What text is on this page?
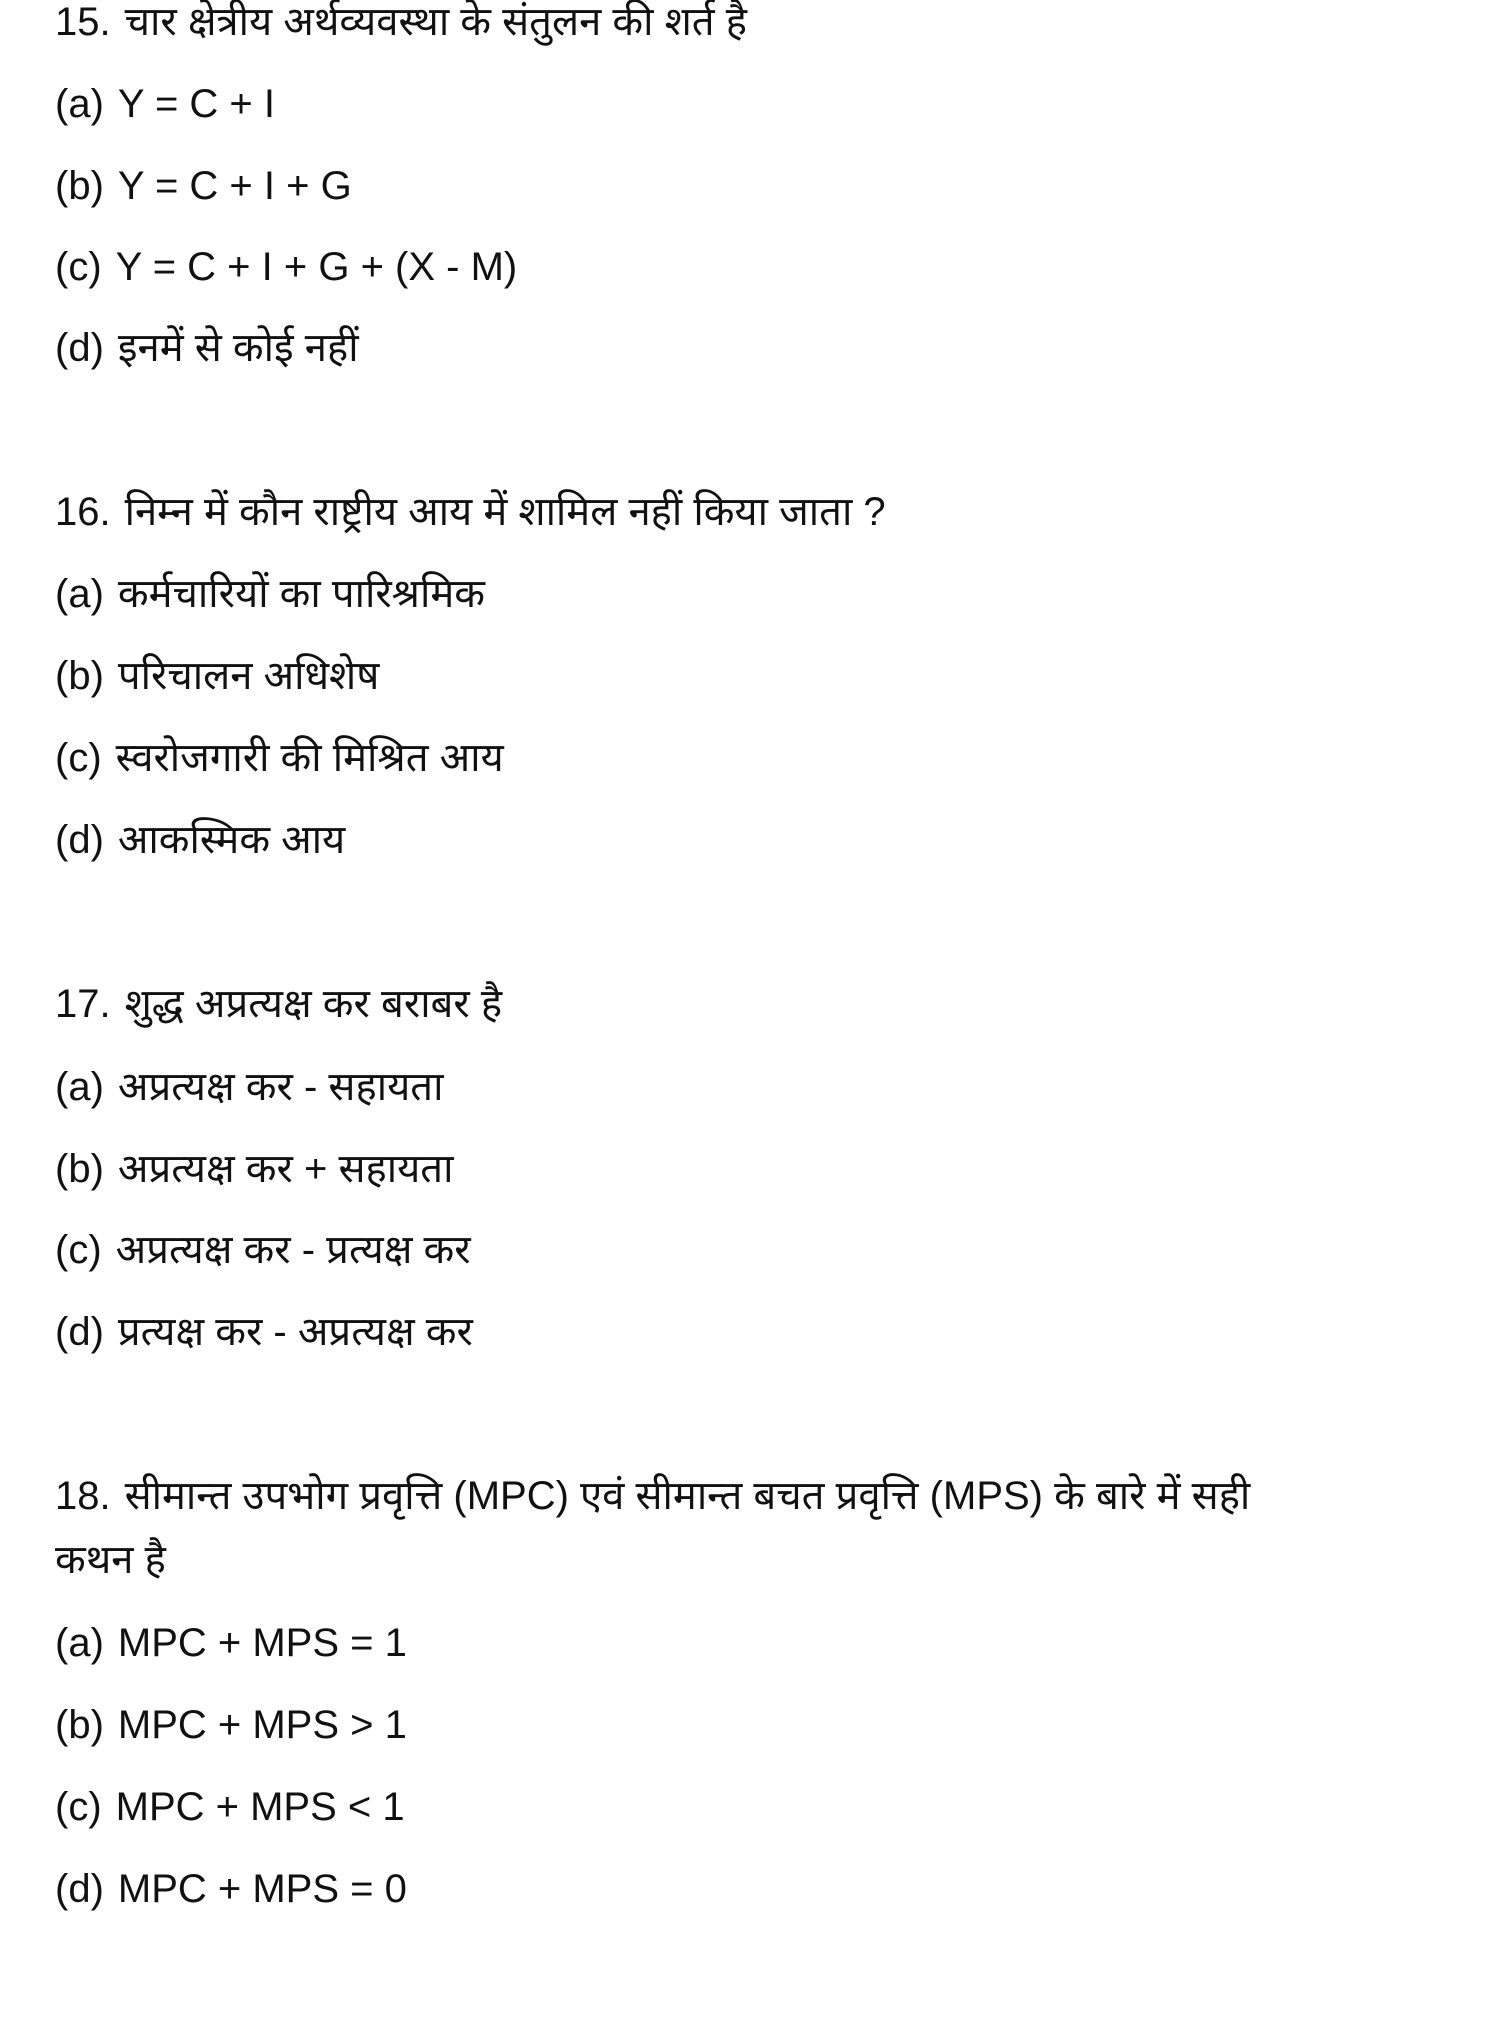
15. चार क्षेत्रीय अर्थव्यवस्था के संतुलन की शर्त है
(a) Y = C + I
(b) Y = C + I + G
(c) Y = C + I + G + (X - M)
(d) इनमें से कोई नहीं
16. निम्न में कौन राष्ट्रीय आय में शामिल नहीं किया जाता ?
(a) कर्मचारियों का पारिश्रमिक
(b) परिचालन अधिशेष
(c) स्वरोजगारी की मिश्रित आय
(d) आकस्मिक आय
17. शुद्ध अप्रत्यक्ष कर बराबर है
(a) अप्रत्यक्ष कर - सहायता
(b) अप्रत्यक्ष कर + सहायता
(c) अप्रत्यक्ष कर - प्रत्यक्ष कर
(d) प्रत्यक्ष कर - अप्रत्यक्ष कर
18. सीमान्त उपभोग प्रवृत्ति (MPC) एवं सीमान्त बचत प्रवृत्ति (MPS) के बारे में सही
कथन है
(a) MPC + MPS = 1
(b) MPC + MPS > 1
(c) MPC + MPS < 1
(d) MPC + MPS = 0
